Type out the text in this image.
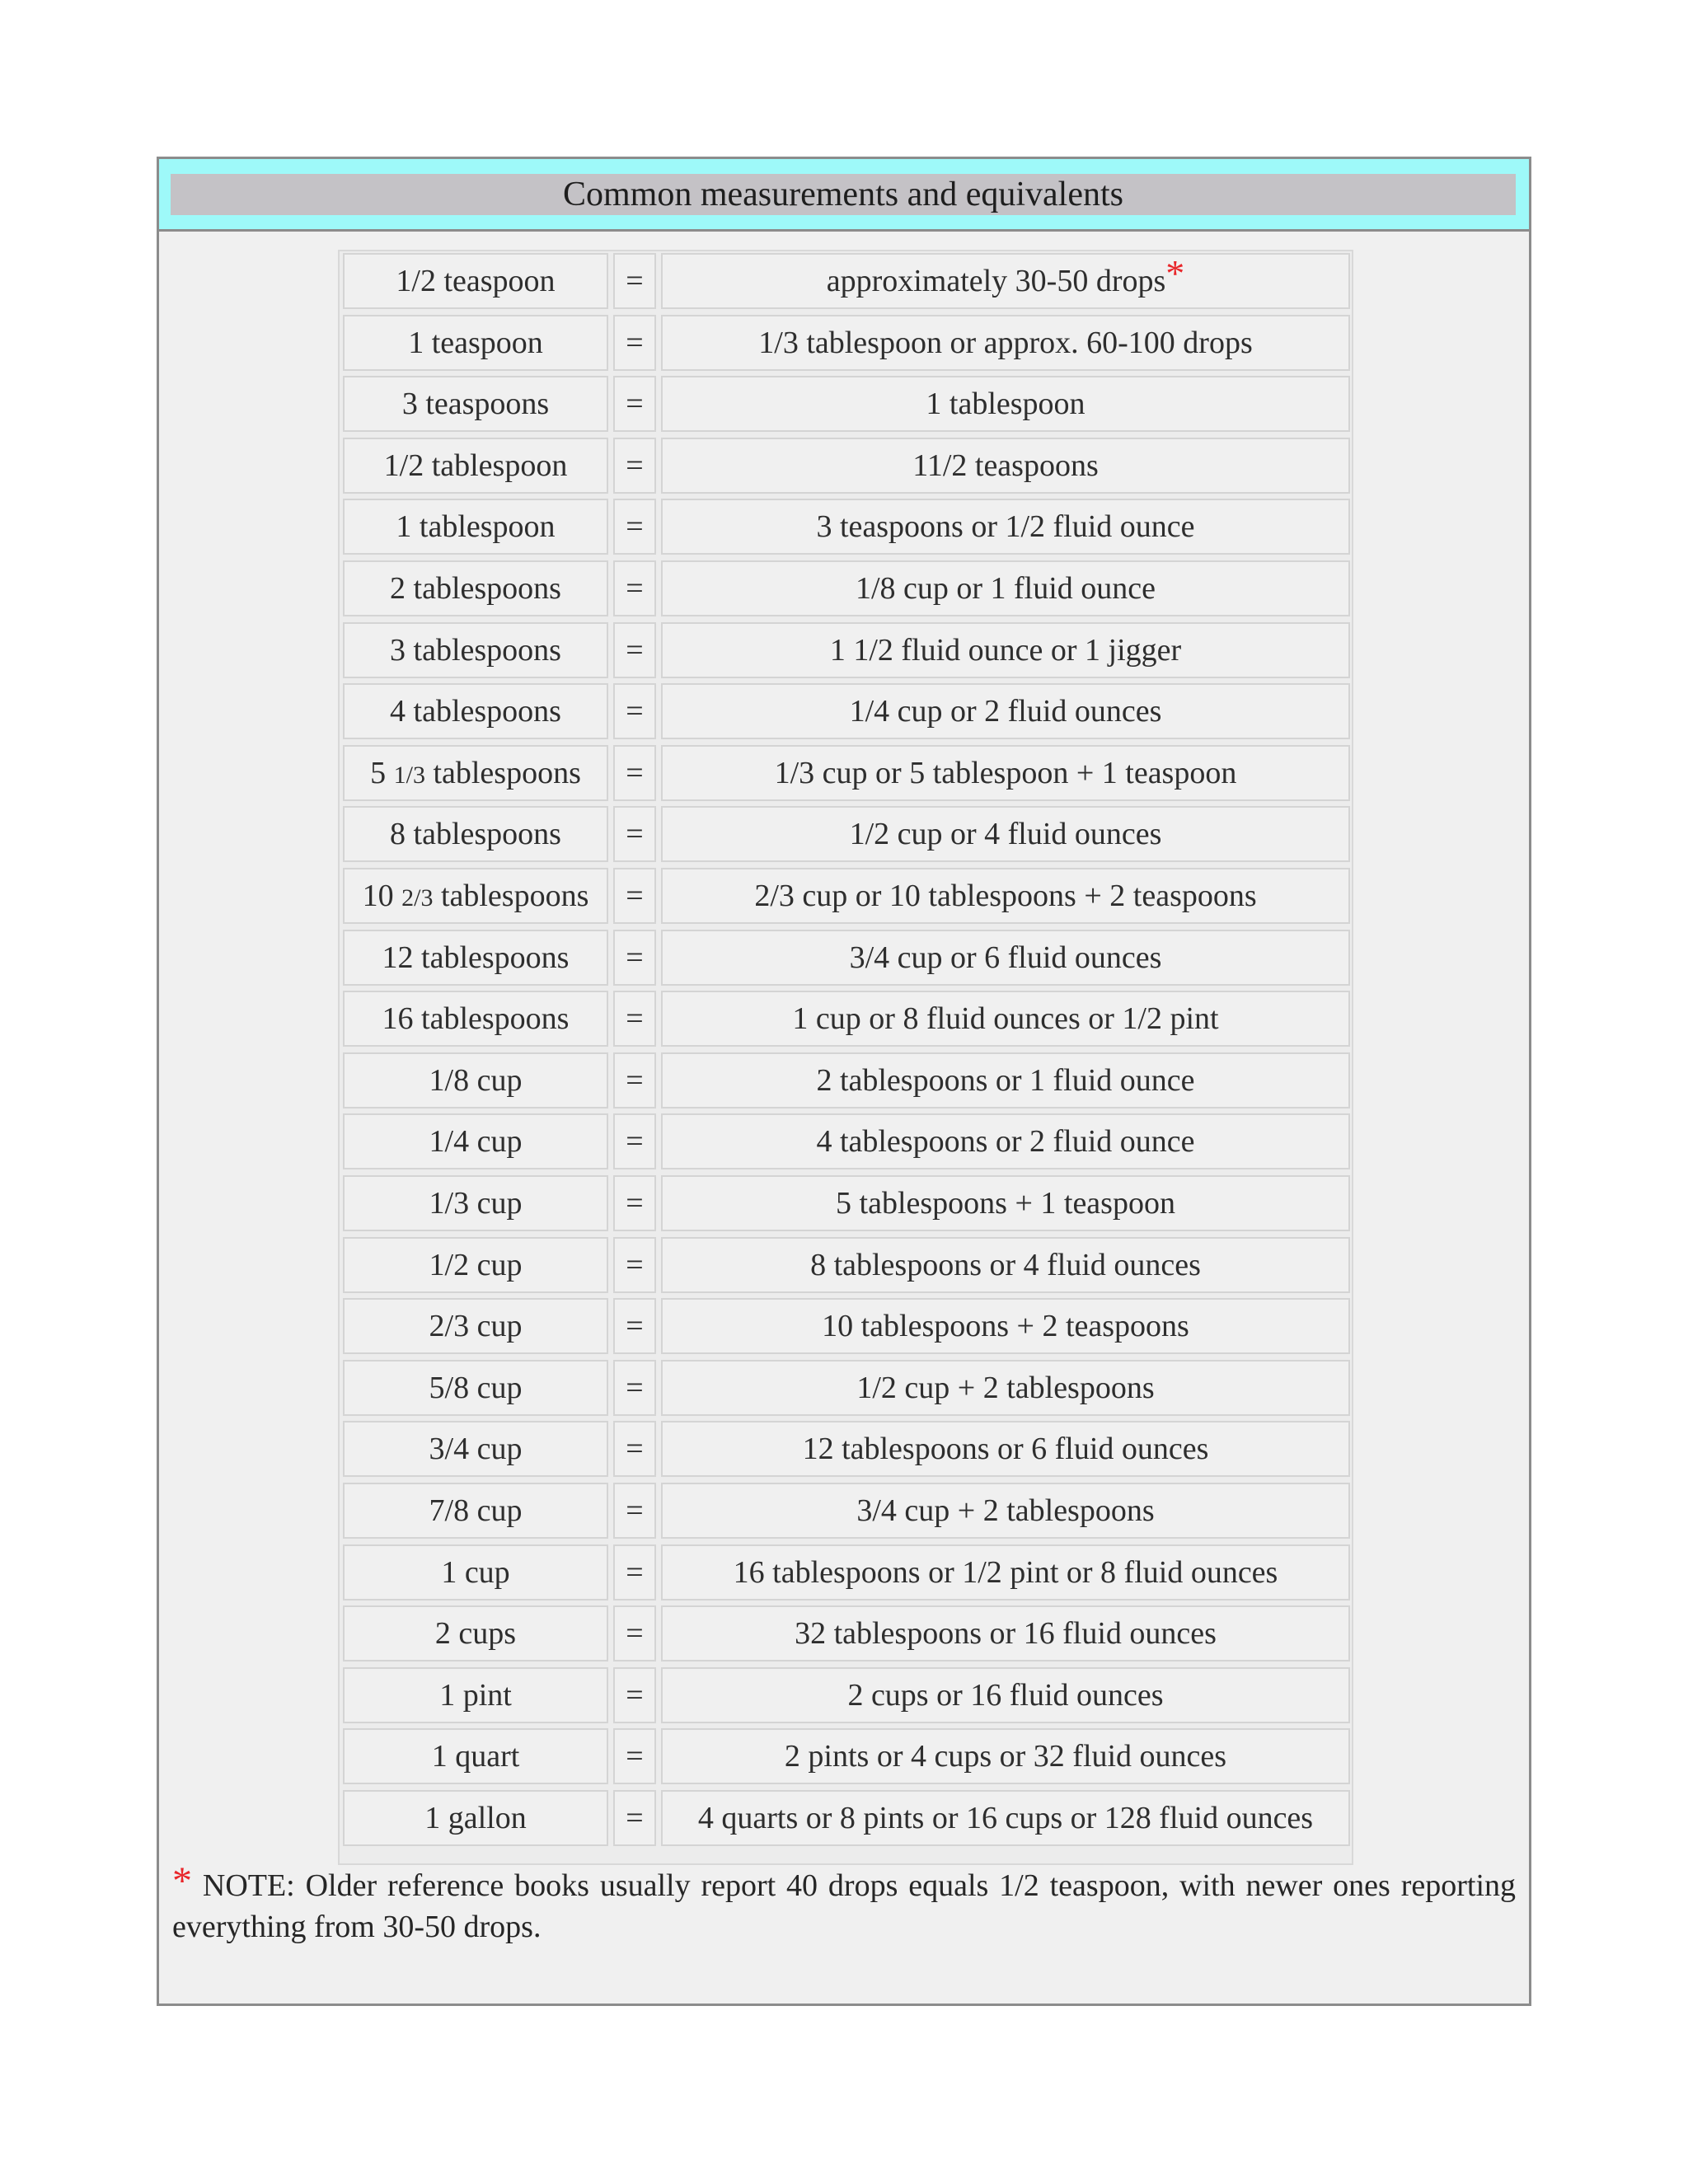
Common measurements and equivalents
1/2 teaspoon	=	approximately 30-50 drops*
1 teaspoon	=	1/3 tablespoon or approx. 60-100 drops
3 teaspoons	=	1 tablespoon
1/2 tablespoon	=	11/2 teaspoons
1 tablespoon	=	3 teaspoons or 1/2 fluid ounce
2 tablespoons	=	1/8 cup or 1 fluid ounce
3 tablespoons	=	1 1/2 fluid ounce or 1 jigger
4 tablespoons	=	1/4 cup or 2 fluid ounces
5 1/3 tablespoons	=	1/3 cup or 5 tablespoon + 1 teaspoon
8 tablespoons	=	1/2 cup or 4 fluid ounces
10 2/3 tablespoons	=	2/3 cup or 10 tablespoons + 2 teaspoons
12 tablespoons	=	3/4 cup or 6 fluid ounces
16 tablespoons	=	1 cup or 8 fluid ounces or 1/2 pint
1/8 cup	=	2 tablespoons or 1 fluid ounce
1/4 cup	=	4 tablespoons or 2 fluid ounce
1/3 cup	=	5 tablespoons + 1 teaspoon
1/2 cup	=	8 tablespoons or 4 fluid ounces
2/3 cup	=	10 tablespoons + 2 teaspoons
5/8 cup	=	1/2 cup + 2 tablespoons
3/4 cup	=	12 tablespoons or 6 fluid ounces
7/8 cup	=	3/4 cup + 2 tablespoons
1 cup	=	16 tablespoons or 1/2 pint or 8 fluid ounces
2 cups	=	32 tablespoons or 16 fluid ounces
1 pint	=	2 cups or 16 fluid ounces
1 quart	=	2 pints or 4 cups or 32 fluid ounces
1 gallon	=	4 quarts or 8 pints or 16 cups or 128 fluid ounces
* NOTE: Older reference books usually report 40 drops equals 1/2 teaspoon, with newer ones reporting everything from 30-50 drops.
